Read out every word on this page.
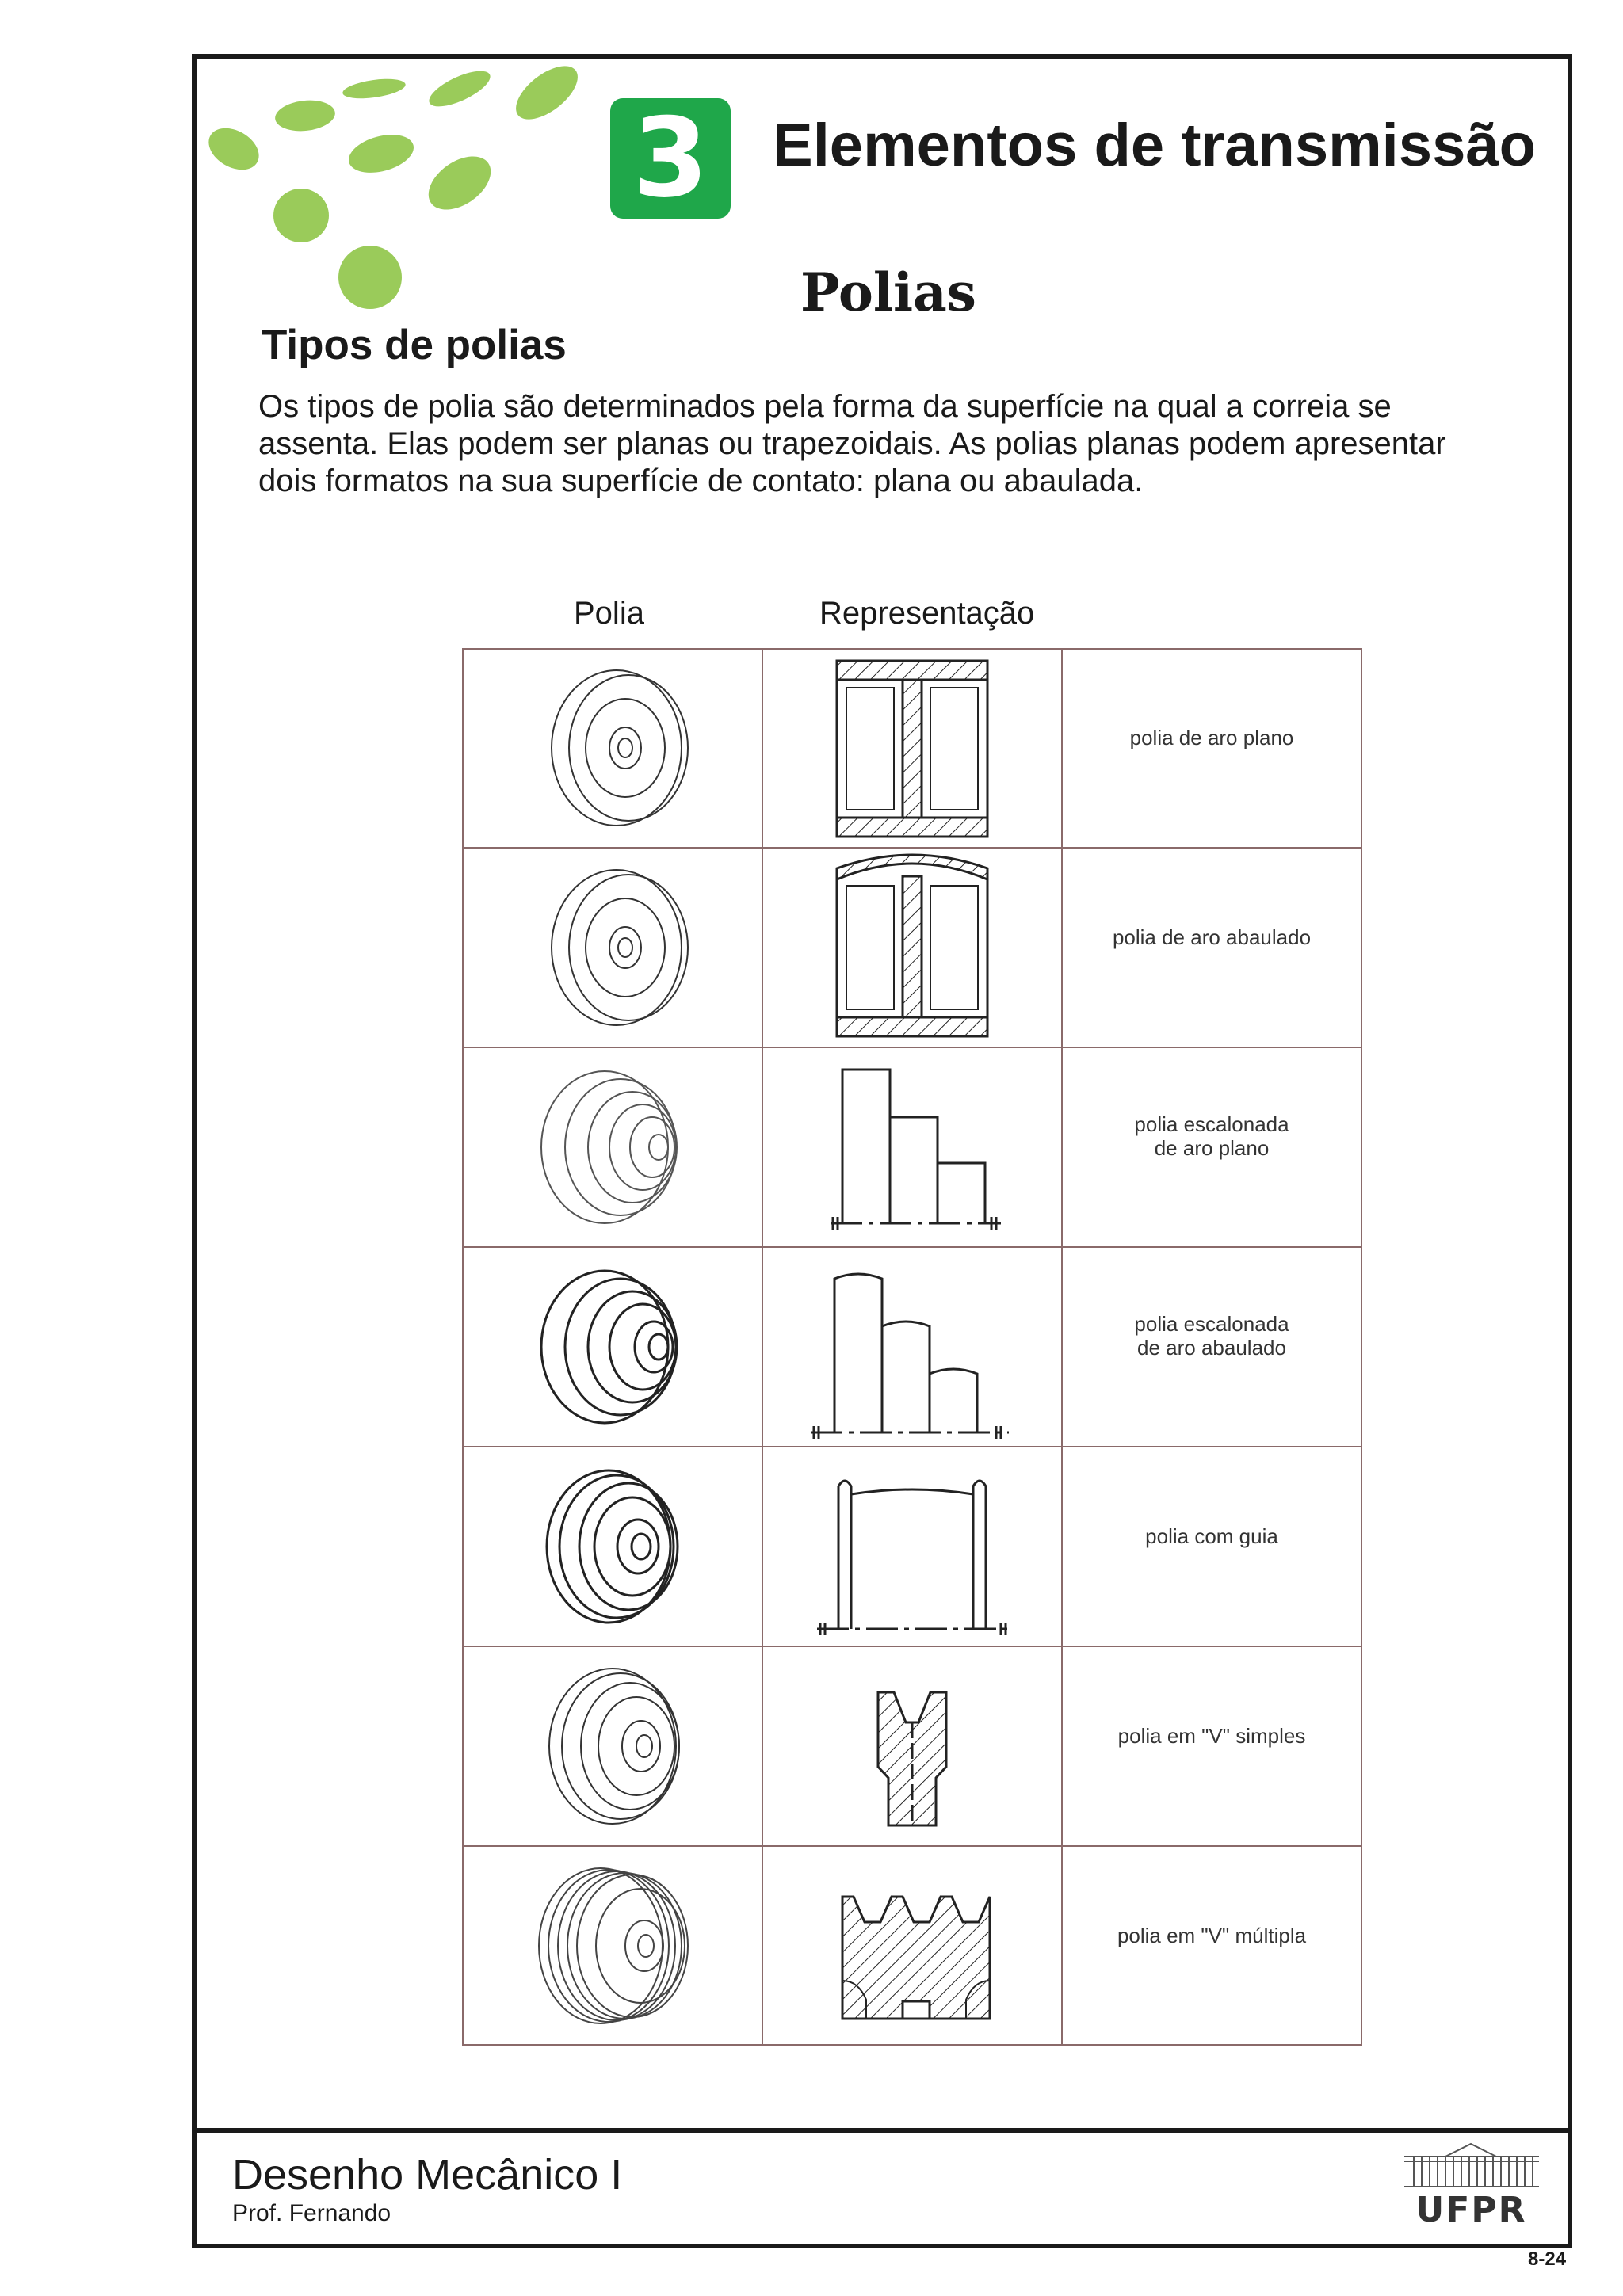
3	Elementos de transmissão
Polias
Tipos de polias
Os tipos de polia são determinados pela forma da superfície na qual a correia se
assenta. Elas podem ser planas ou trapezoidais. As polias planas podem apresentar
dois formatos na sua superfície de contato: plana ou abaulada.
Polia	Representação
polia de aro plano
polia de aro abaulado
polia escalonada
de aro plano
polia escalonada
de aro abaulado
polia com guia
polia em "V" simples
polia em "V" múltipla
Desenho Mecânico I
Prof. Fernando	UFPR
8-24
